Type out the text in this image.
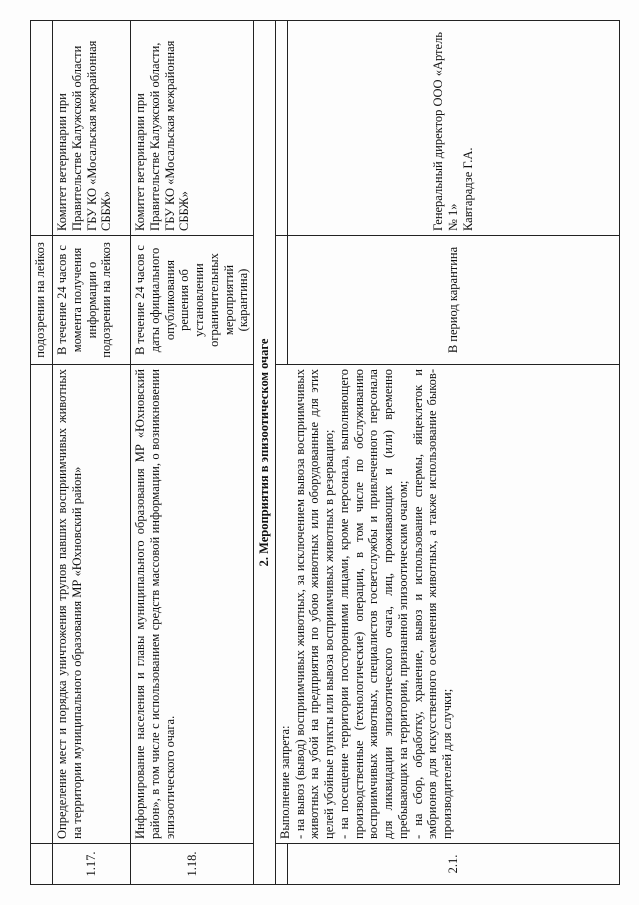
		подозрении на лейкоз	
1.17.	Определение мест и порядка уничтожения трупов павших восприимчивых животных на территории муниципального образования МР «Юхновский район»	В течение 24 часов с момента получения информации о подозрении на лейкоз	Комитет ветеринарии при Правительстве Калужской области ГБУ КО «Мосальская межрайонная СББЖ»

1.18.	Информирование населения и главы муниципального образования МР «Юхновский район», в том числе с использованием средств массовой информации, о возникновении эпизоотического очага.	В течение 24 часов с даты официального опубликования решения об установлении ограничительных мероприятий (карантина)	Комитет ветеринарии при Правительстве Калужской области, ГБУ КО «Мосальская межрайонная СББЖ»

2. Мероприятия в эпизоотическом очаге			

	Выполнение запрета: - на вывоз (вывод) восприимчивых животных, за исключением вывоза восприимчивых животных на убой на предприятия по убою животных или оборудованные для этих целей убойные пункты или вывоза восприимчивых животных в резервацию; - на посещение территории посторонними лицами, кроме персонала, выполняющего производственные (технологические) операции, в том числе по обслуживанию восприимчивых животных, специалистов госветслужбы и привлеченного персонала для ликвидации эпизоотического очага, лиц, проживающих и (или) временно пребывающих на территории, признанной эпизоотическим очагом; - на сбор, обработку, хранение, вывоз и использование спермы, яйцеклеток и эмбрионов для искусственного осеменения животных, а также использование быков-производителей для случки;		

2.1.		В период карантина	Генеральный директор ООО «Артель № 1» Кавтарадзе Г.А.
